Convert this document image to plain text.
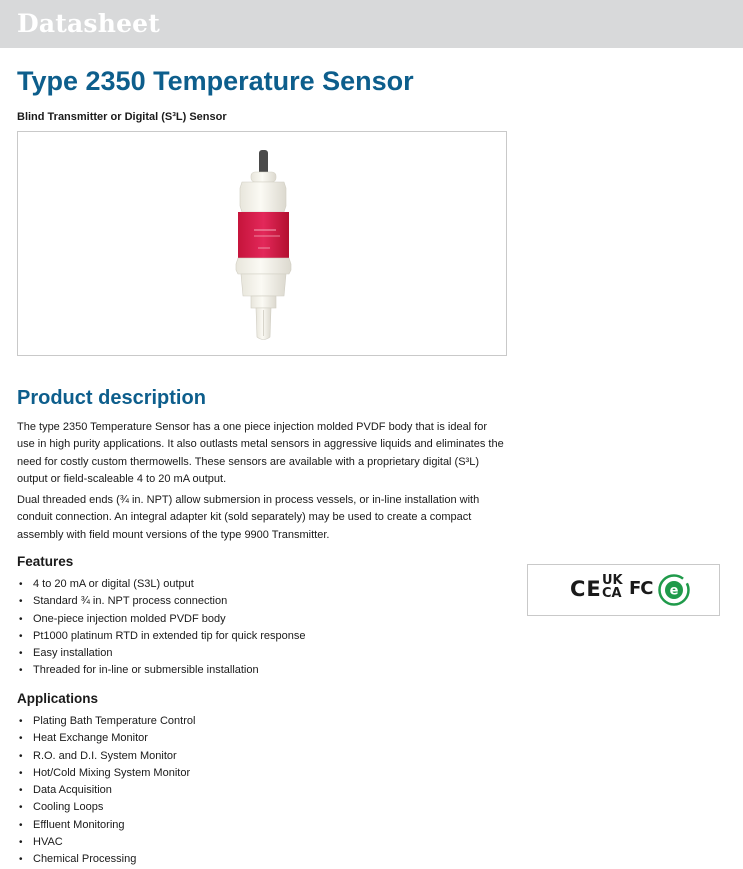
Datasheet
Type 2350 Temperature Sensor

Blind Transmitter or Digital (S³L) Sensor

Product description

The type 2350 Temperature Sensor has a one piece injection molded PVDF body that is ideal for use in high purity applications. It also outlasts metal sensors in aggressive liquids and eliminates the need for costly custom thermowells. These sensors are available with a proprietary digital (S³L) output or field-scaleable 4 to 20 mA output.

Dual threaded ends (¾ in. NPT) allow submersion in process vessels, or in-line installation with conduit connection. An integral adapter kit (sold separately) may be used to create a compact assembly with field mount versions of the type 9900 Transmitter.

Features
• 4 to 20 mA or digital (S3L) output
• Standard ¾ in. NPT process connection
• One-piece injection molded PVDF body
• Pt1000 platinum RTD in extended tip for quick response
• Easy installation
• Threaded for in-line or submersible installation
Applications
• Plating Bath Temperature Control
• Heat Exchange Monitor
• R.O. and D.I. System Monitor
• Hot/Cold Mixing System Monitor
• Data Acquisition
• Cooling Loops
• Effluent Monitoring
• HVAC
• Chemical Processing
CE UK
CA FC e
